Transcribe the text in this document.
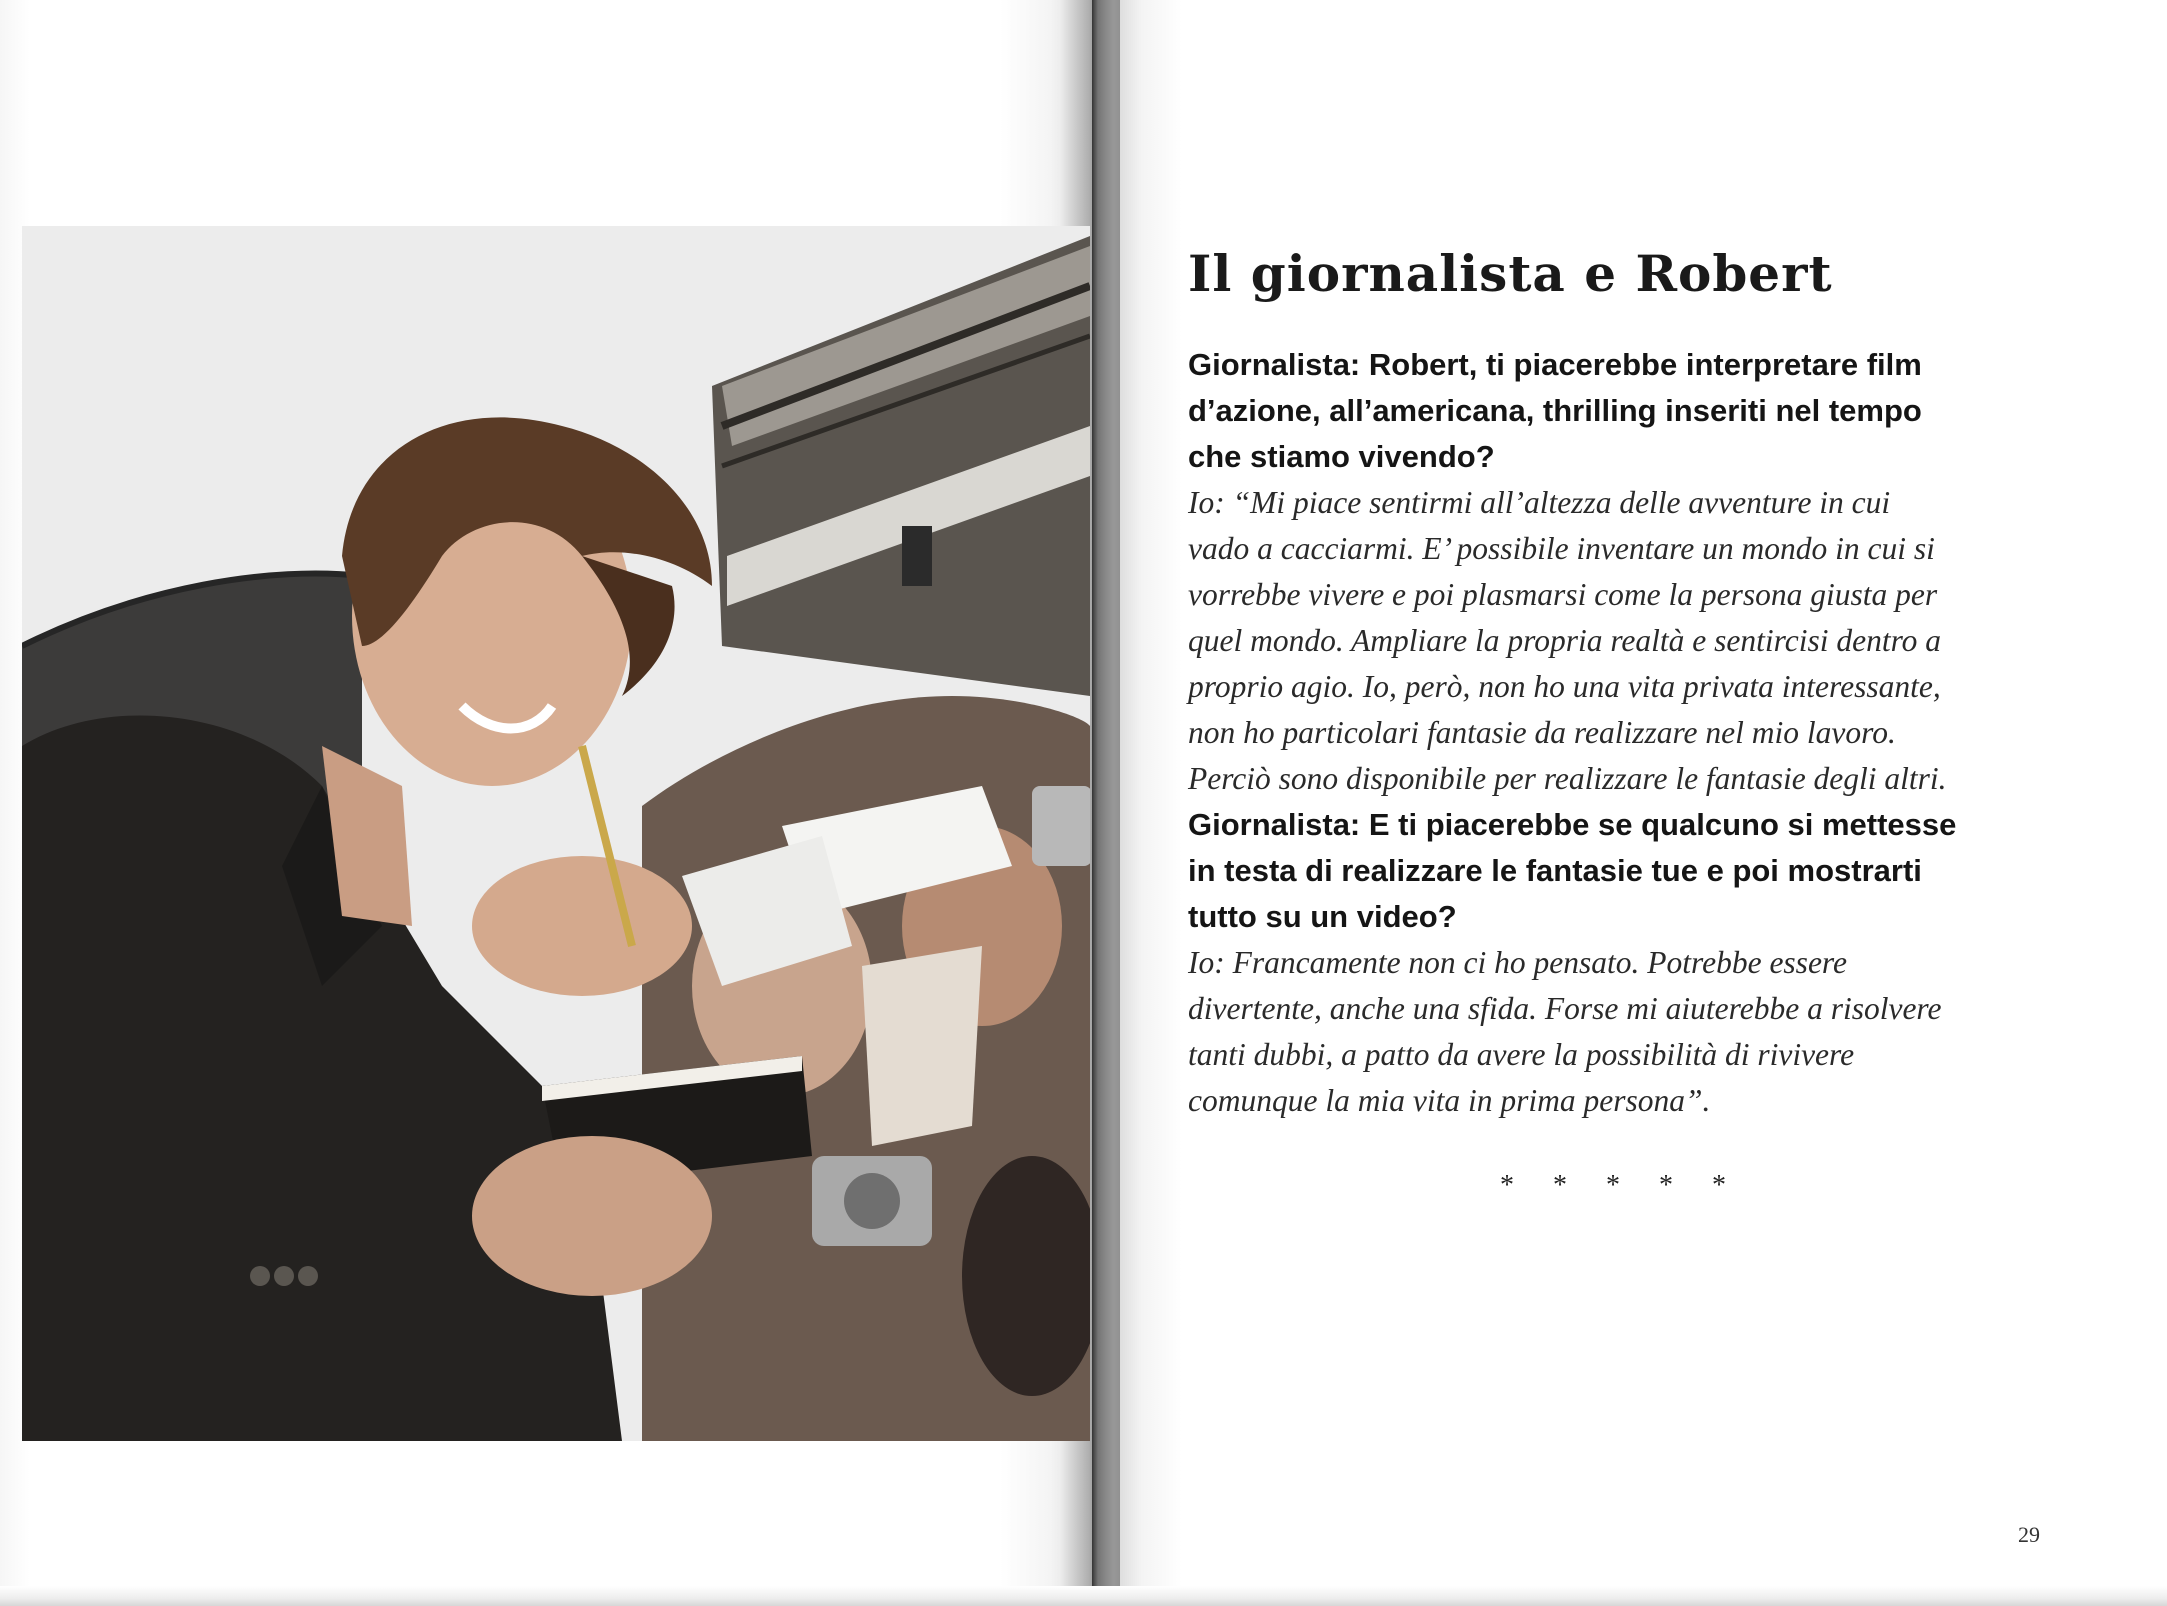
Il giornalista e Robert
Giornalista: Robert, ti piacerebbe interpretare film
d’azione, all’americana, thrilling inseriti nel tempo
che stiamo vivendo?
Io: “Mi piace sentirmi all’altezza delle avventure in cui
vado a cacciarmi. E’ possibile inventare un mondo in cui si
vorrebbe vivere e poi plasmarsi come la persona giusta per
quel mondo. Ampliare la propria realtà e sentircisi dentro a
proprio agio. Io, però, non ho una vita privata interessante,
non ho particolari fantasie da realizzare nel mio lavoro.
Perciò sono disponibile per realizzare le fantasie degli altri.
Giornalista: E ti piacerebbe se qualcuno si mettesse
in testa di realizzare le fantasie tue e poi mostrarti
tutto su un video?
Io: Francamente non ci ho pensato. Potrebbe essere
divertente, anche una sfida. Forse mi aiuterebbe a risolvere
tanti dubbi, a patto da avere la possibilità di rivivere
comunque la mia vita in prima persona”.
* * * * *
29
